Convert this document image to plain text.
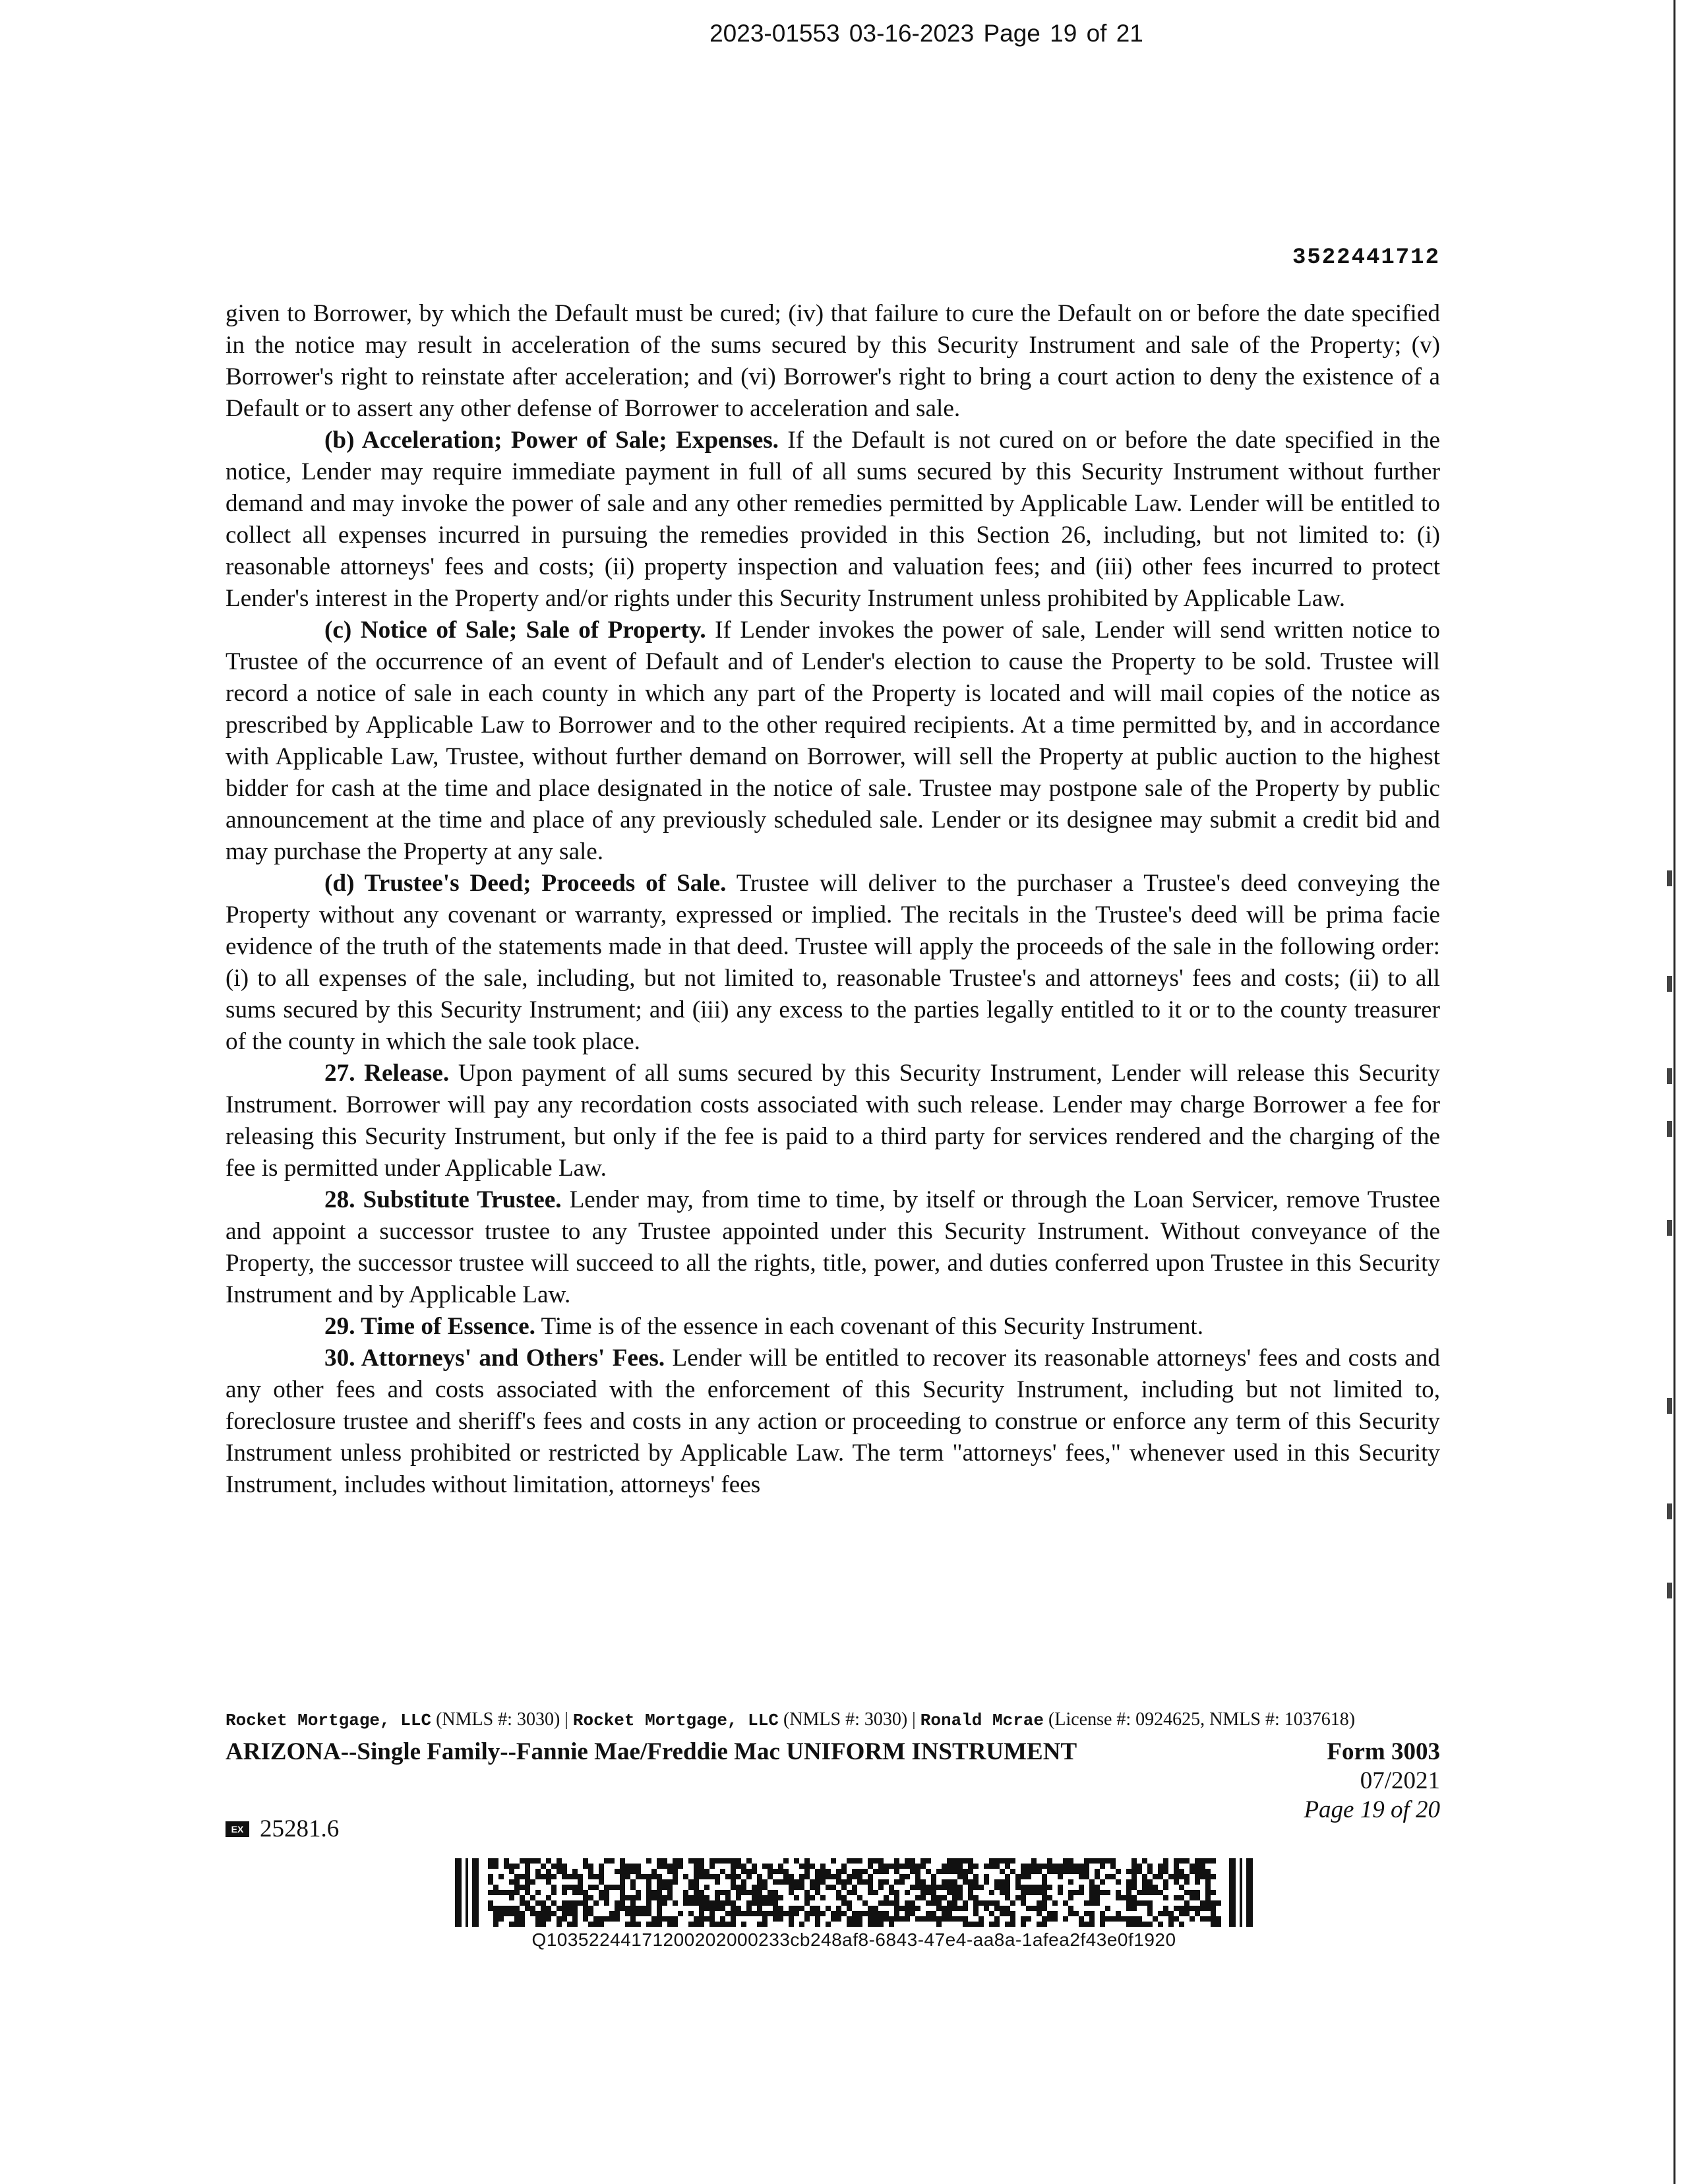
2023-01553 03-16-2023 Page 19 of 21
3522441712

given to Borrower, by which the Default must be cured; (iv) that failure to cure the Default on or before the date specified in the notice may result in acceleration of the sums secured by this Security Instrument and sale of the Property; (v) Borrower's right to reinstate after acceleration; and (vi) Borrower's right to bring a court action to deny the existence of a Default or to assert any other defense of Borrower to acceleration and sale.

(b) Acceleration; Power of Sale; Expenses. If the Default is not cured on or before the date specified in the notice, Lender may require immediate payment in full of all sums secured by this Security Instrument without further demand and may invoke the power of sale and any other remedies permitted by Applicable Law. Lender will be entitled to collect all expenses incurred in pursuing the remedies provided in this Section 26, including, but not limited to: (i) reasonable attorneys' fees and costs; (ii) property inspection and valuation fees; and (iii) other fees incurred to protect Lender's interest in the Property and/or rights under this Security Instrument unless prohibited by Applicable Law.

(c) Notice of Sale; Sale of Property. If Lender invokes the power of sale, Lender will send written notice to Trustee of the occurrence of an event of Default and of Lender's election to cause the Property to be sold. Trustee will record a notice of sale in each county in which any part of the Property is located and will mail copies of the notice as prescribed by Applicable Law to Borrower and to the other required recipients. At a time permitted by, and in accordance with Applicable Law, Trustee, without further demand on Borrower, will sell the Property at public auction to the highest bidder for cash at the time and place designated in the notice of sale. Trustee may postpone sale of the Property by public announcement at the time and place of any previously scheduled sale. Lender or its designee may submit a credit bid and may purchase the Property at any sale.

(d) Trustee's Deed; Proceeds of Sale. Trustee will deliver to the purchaser a Trustee's deed conveying the Property without any covenant or warranty, expressed or implied. The recitals in the Trustee's deed will be prima facie evidence of the truth of the statements made in that deed. Trustee will apply the proceeds of the sale in the following order: (i) to all expenses of the sale, including, but not limited to, reasonable Trustee's and attorneys' fees and costs; (ii) to all sums secured by this Security Instrument; and (iii) any excess to the parties legally entitled to it or to the county treasurer of the county in which the sale took place.

27. Release. Upon payment of all sums secured by this Security Instrument, Lender will release this Security Instrument. Borrower will pay any recordation costs associated with such release. Lender may charge Borrower a fee for releasing this Security Instrument, but only if the fee is paid to a third party for services rendered and the charging of the fee is permitted under Applicable Law.

28. Substitute Trustee. Lender may, from time to time, by itself or through the Loan Servicer, remove Trustee and appoint a successor trustee to any Trustee appointed under this Security Instrument. Without conveyance of the Property, the successor trustee will succeed to all the rights, title, power, and duties conferred upon Trustee in this Security Instrument and by Applicable Law.

29. Time of Essence. Time is of the essence in each covenant of this Security Instrument.

30. Attorneys' and Others' Fees. Lender will be entitled to recover its reasonable attorneys' fees and costs and any other fees and costs associated with the enforcement of this Security Instrument, including but not limited to, foreclosure trustee and sheriff's fees and costs in any action or proceeding to construe or enforce any term of this Security Instrument unless prohibited or restricted by Applicable Law. The term "attorneys' fees," whenever used in this Security Instrument, includes without limitation, attorneys' fees

Rocket Mortgage, LLC (NMLS #: 3030) | Rocket Mortgage, LLC (NMLS #: 3030) | Ronald Mcrae (License #: 0924625, NMLS #: 1037618)
ARIZONA--Single Family--Fannie Mae/Freddie Mac UNIFORM INSTRUMENT	Form 3003
07/2021
Page 19 of 20
EX 25281.6
Q10352244171200202000233cb248af8-6843-47e4-aa8a-1afea2f43e0f1920
